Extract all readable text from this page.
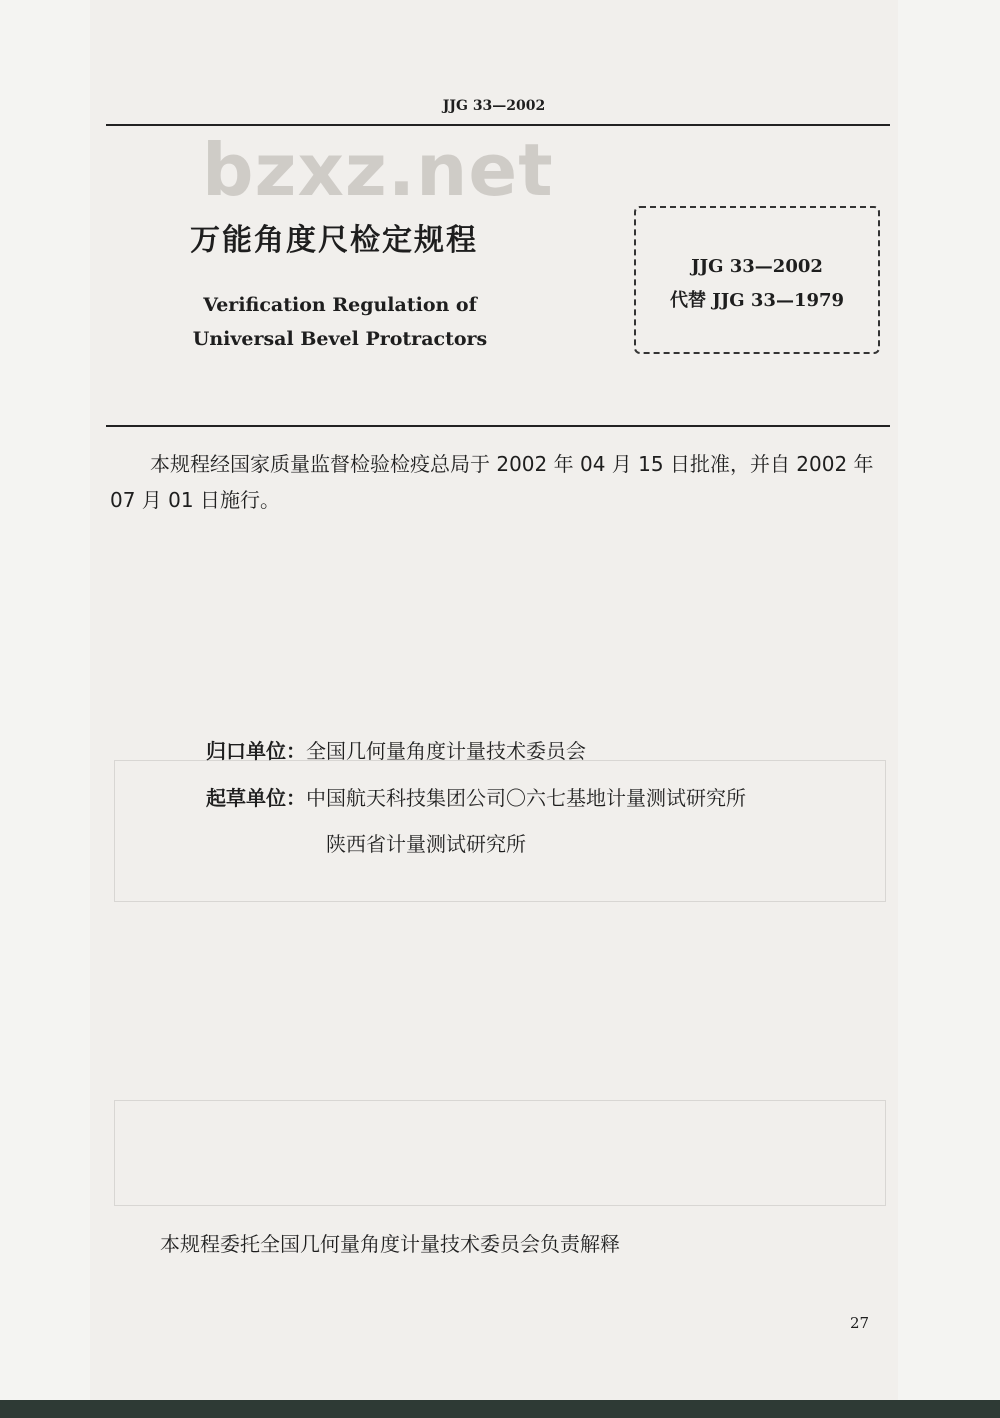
JJG 33—2002
bzxz.net
万能角度尺检定规程
Verification Regulation of
Universal Bevel Protractors
JJG 33—2002
代替 JJG 33—1979
本规程经国家质量监督检验检疫总局于 2002 年 04 月 15 日批准，并自 2002 年 07 月 01 日施行。
归口单位：全国几何量角度计量技术委员会
起草单位：中国航天科技集团公司〇六七基地计量测试研究所
陕西省计量测试研究所
本规程委托全国几何量角度计量技术委员会负责解释
27
